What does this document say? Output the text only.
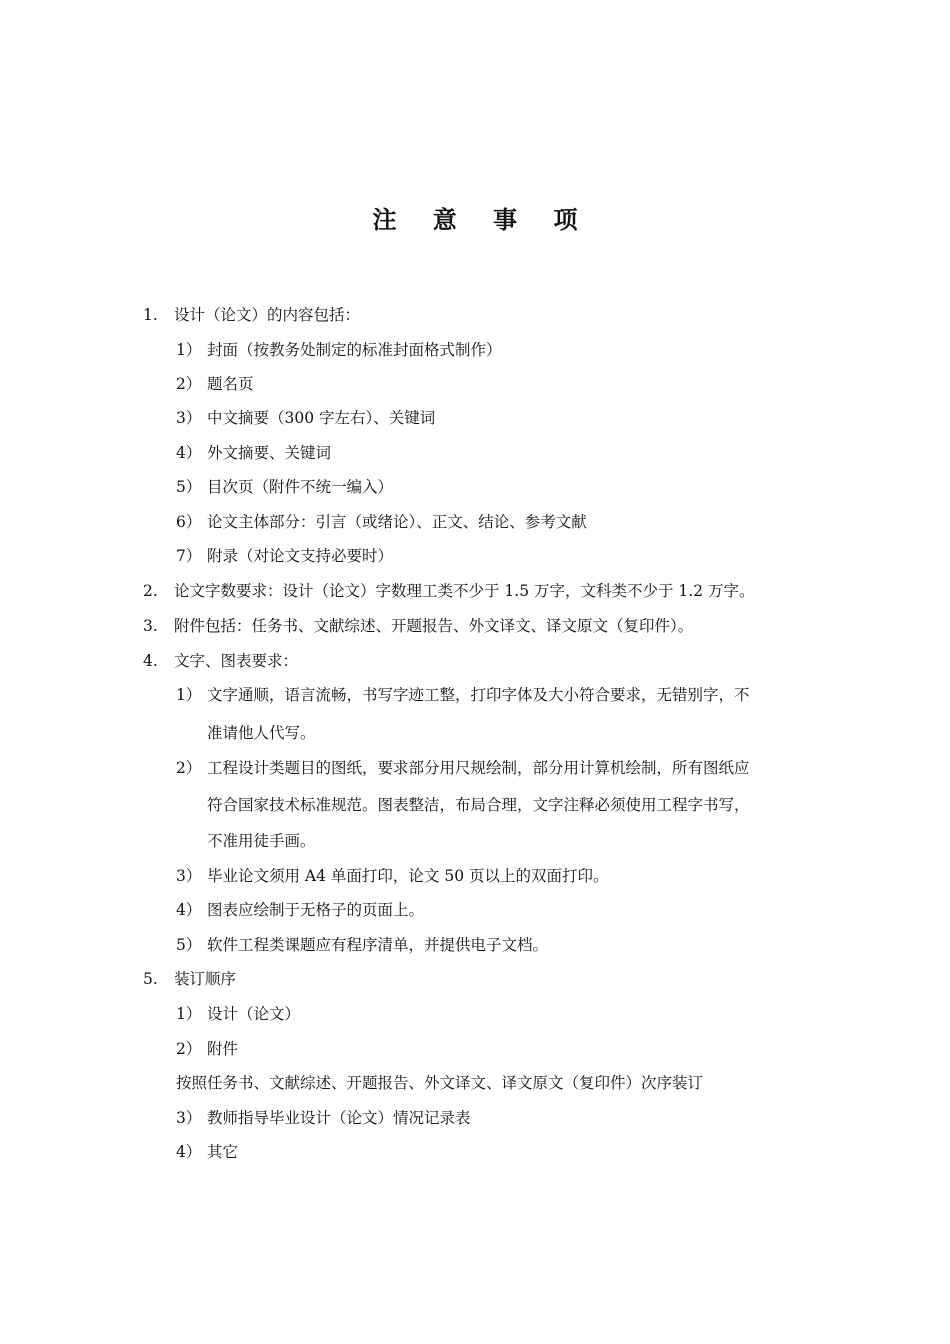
注 意 事 项
1. 设计（论文）的内容包括：
1） 封面（按教务处制定的标准封面格式制作）
2） 题名页
3） 中文摘要（300 字左右）、关键词
4） 外文摘要、关键词
5） 目次页（附件不统一编入）
6） 论文主体部分：引言（或绪论）、正文、结论、参考文献
7） 附录（对论文支持必要时）
2. 论文字数要求：设计（论文）字数理工类不少于 1.5 万字，文科类不少于 1.2 万字。
3. 附件包括：任务书、文献综述、开题报告、外文译文、译文原文（复印件）。
4. 文字、图表要求：
1） 文字通顺，语言流畅，书写字迹工整，打印字体及大小符合要求，无错别字，不
准请他人代写。
2） 工程设计类题目的图纸，要求部分用尺规绘制，部分用计算机绘制，所有图纸应
符合国家技术标准规范。图表整洁，布局合理，文字注释必须使用工程字书写，
不准用徒手画。
3） 毕业论文须用 A4 单面打印，论文 50 页以上的双面打印。
4） 图表应绘制于无格子的页面上。
5） 软件工程类课题应有程序清单，并提供电子文档。
5. 装订顺序
1） 设计（论文）
2） 附件
按照任务书、文献综述、开题报告、外文译文、译文原文（复印件）次序装订
3） 教师指导毕业设计（论文）情况记录表
4） 其它
